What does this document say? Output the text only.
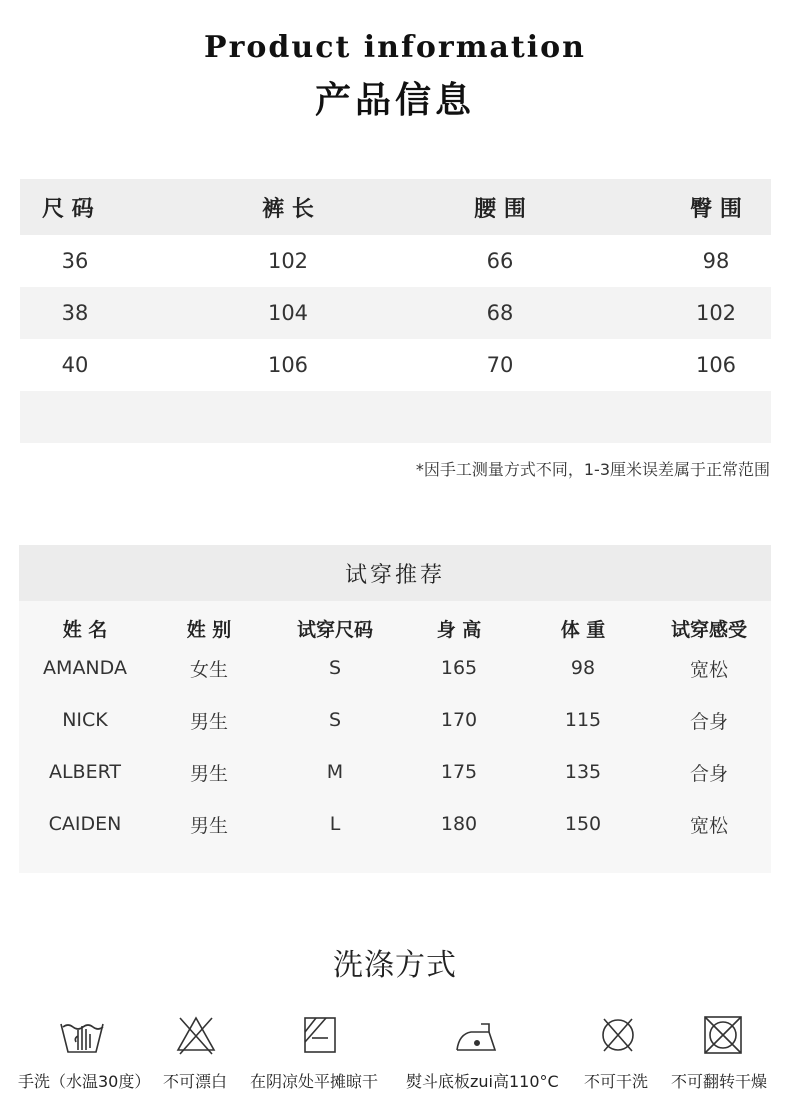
Product information
产品信息
尺 码	裤 长	腰 围	臀 围
36	102	66	98
38	104	68	102
40	106	70	106
*因手工测量方式不同，1-3厘米误差属于正常范围
试穿推荐
姓 名	姓 别	试穿尺码	身 高	体 重	试穿感受
AMANDA	女生	S	165	98	宽松
NICK	男生	S	170	115	合身
ALBERT	男生	M	175	135	合身
CAIDEN	男生	L	180	150	宽松
洗涤方式
手洗（水温30度） 不可漂白 在阴凉处平摊晾干 熨斗底板zui高110°C 不可干洗 不可翻转干燥
